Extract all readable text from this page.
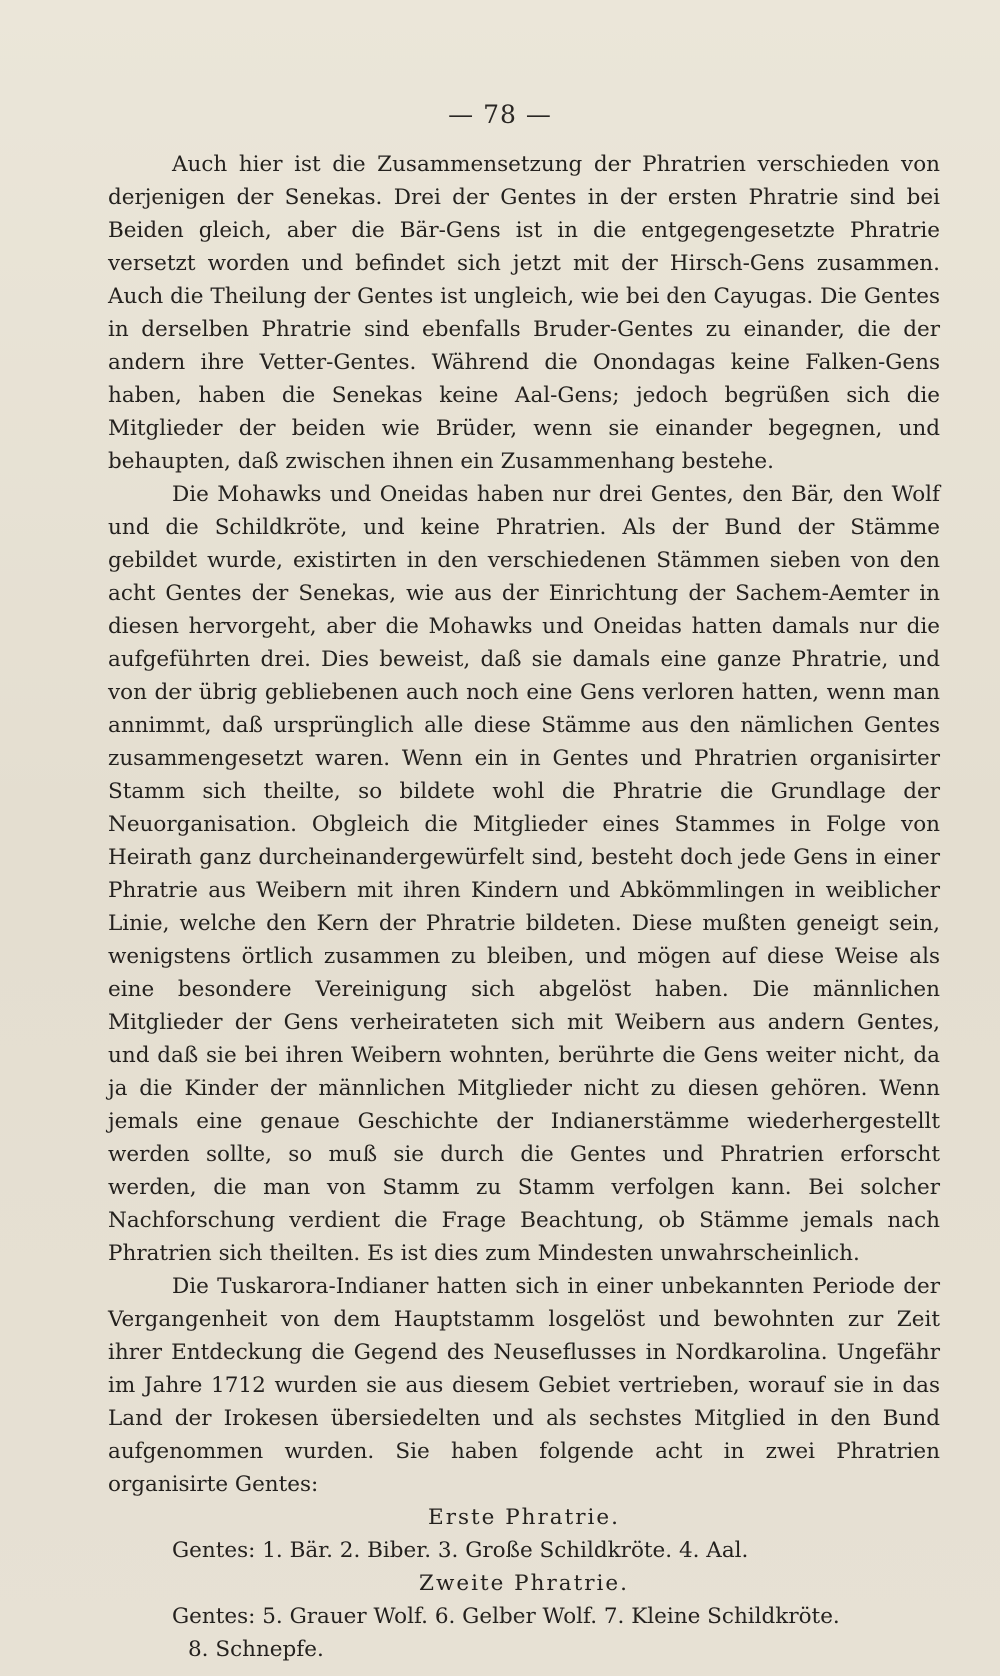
— 78 —

Auch hier ist die Zusammensetzung der Phratrien verschieden von derjenigen der Senekas. Drei der Gentes in der ersten Phratrie sind bei Beiden gleich, aber die Bär-Gens ist in die entgegengesetzte Phratrie versetzt worden und befindet sich jetzt mit der Hirsch-Gens zusammen. Auch die Theilung der Gentes ist ungleich, wie bei den Cayugas. Die Gentes in derselben Phratrie sind ebenfalls Bruder-Gentes zu einander, die der andern ihre Vetter-Gentes. Während die Onondagas keine Falken-Gens haben, haben die Senekas keine Aal-Gens; jedoch begrüßen sich die Mitglieder der beiden wie Brüder, wenn sie einander begegnen, und behaupten, daß zwischen ihnen ein Zusammenhang bestehe.

Die Mohawks und Oneidas haben nur drei Gentes, den Bär, den Wolf und die Schildkröte, und keine Phratrien. Als der Bund der Stämme gebildet wurde, existirten in den verschiedenen Stämmen sieben von den acht Gentes der Senekas, wie aus der Einrichtung der Sachem-Aemter in diesen hervorgeht, aber die Mohawks und Oneidas hatten damals nur die aufgeführten drei. Dies beweist, daß sie damals eine ganze Phratrie, und von der übrig gebliebenen auch noch eine Gens verloren hatten, wenn man annimmt, daß ursprünglich alle diese Stämme aus den nämlichen Gentes zusammengesetzt waren. Wenn ein in Gentes und Phratrien organisirter Stamm sich theilte, so bildete wohl die Phratrie die Grundlage der Neuorganisation. Obgleich die Mitglieder eines Stammes in Folge von Heirath ganz durcheinandergewürfelt sind, besteht doch jede Gens in einer Phratrie aus Weibern mit ihren Kindern und Abkömmlingen in weiblicher Linie, welche den Kern der Phratrie bildeten. Diese mußten geneigt sein, wenigstens örtlich zusammen zu bleiben, und mögen auf diese Weise als eine besondere Vereinigung sich abgelöst haben. Die männlichen Mitglieder der Gens verheirateten sich mit Weibern aus andern Gentes, und daß sie bei ihren Weibern wohnten, berührte die Gens weiter nicht, da ja die Kinder der männlichen Mitglieder nicht zu diesen gehören. Wenn jemals eine genaue Geschichte der Indianerstämme wiederhergestellt werden sollte, so muß sie durch die Gentes und Phratrien erforscht werden, die man von Stamm zu Stamm verfolgen kann. Bei solcher Nachforschung verdient die Frage Beachtung, ob Stämme jemals nach Phratrien sich theilten. Es ist dies zum Mindesten unwahrscheinlich.

Die Tuskarora-Indianer hatten sich in einer unbekannten Periode der Vergangenheit von dem Hauptstamm losgelöst und bewohnten zur Zeit ihrer Entdeckung die Gegend des Neuseflusses in Nordkarolina. Ungefähr im Jahre 1712 wurden sie aus diesem Gebiet vertrieben, worauf sie in das Land der Irokesen übersiedelten und als sechstes Mitglied in den Bund aufgenommen wurden. Sie haben folgende acht in zwei Phratrien organisirte Gentes:

Erste Phratrie.

Gentes: 1. Bär. 2. Biber. 3. Große Schildkröte. 4. Aal.

Zweite Phratrie.

Gentes: 5. Grauer Wolf. 6. Gelber Wolf. 7. Kleine Schildkröte.

8. Schnepfe.
